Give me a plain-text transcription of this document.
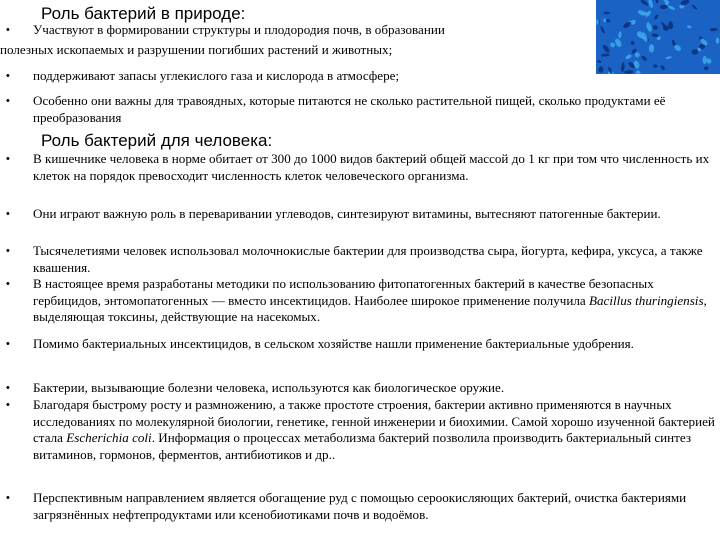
Роль бактерий в природе:
•	Участвуют в формировании структуры и плодородия почв, в образовании
полезных ископаемых и разрушении погибших растений и животных;
•	поддерживают запасы углекислого газа и кислорода в атмосфере;
•	Особенно они важны для травоядных, которые питаются не сколько растительной пищей, сколько продуктами её преобразования
Роль бактерий для человека:
•	В кишечнике человека в норме обитает от 300 до 1000 видов бактерий общей массой до 1 кг при том что численность их клеток на порядок превосходит численность клеток человеческого организма.
•	Они играют важную роль в переваривании углеводов, синтезируют витамины, вытесняют патогенные бактерии.
•	Тысячелетиями человек использовал молочнокислые бактерии для производства сыра, йогурта, кефира, уксуса, а также квашения.
•	В настоящее время разработаны методики по использованию фитопатогенных бактерий в качестве безопасных гербицидов, энтомопатогенных — вместо инсектицидов. Наиболее широкое применение получила Bacillus thuringiensis, выделяющая токсины, действующие на насекомых.
•	Помимо бактериальных инсектицидов, в сельском хозяйстве нашли применение бактериальные удобрения.
•	Бактерии, вызывающие болезни человека, используются как биологическое оружие.
•	Благодаря быстрому росту и размножению, а также простоте строения, бактерии активно применяются в научных исследованиях по молекулярной биологии, генетике, генной инженерии и биохимии. Самой хорошо изученной бактерией стала Escherichia coli. Информация о процессах метаболизма бактерий позволила производить бактериальный синтез витаминов, гормонов, ферментов, антибиотиков и др..
•	Перспективным направлением является обогащение руд с помощью сероокисляющих бактерий, очистка бактериями загрязнённых нефтепродуктами или ксенобиотиками почв и водоёмов.
